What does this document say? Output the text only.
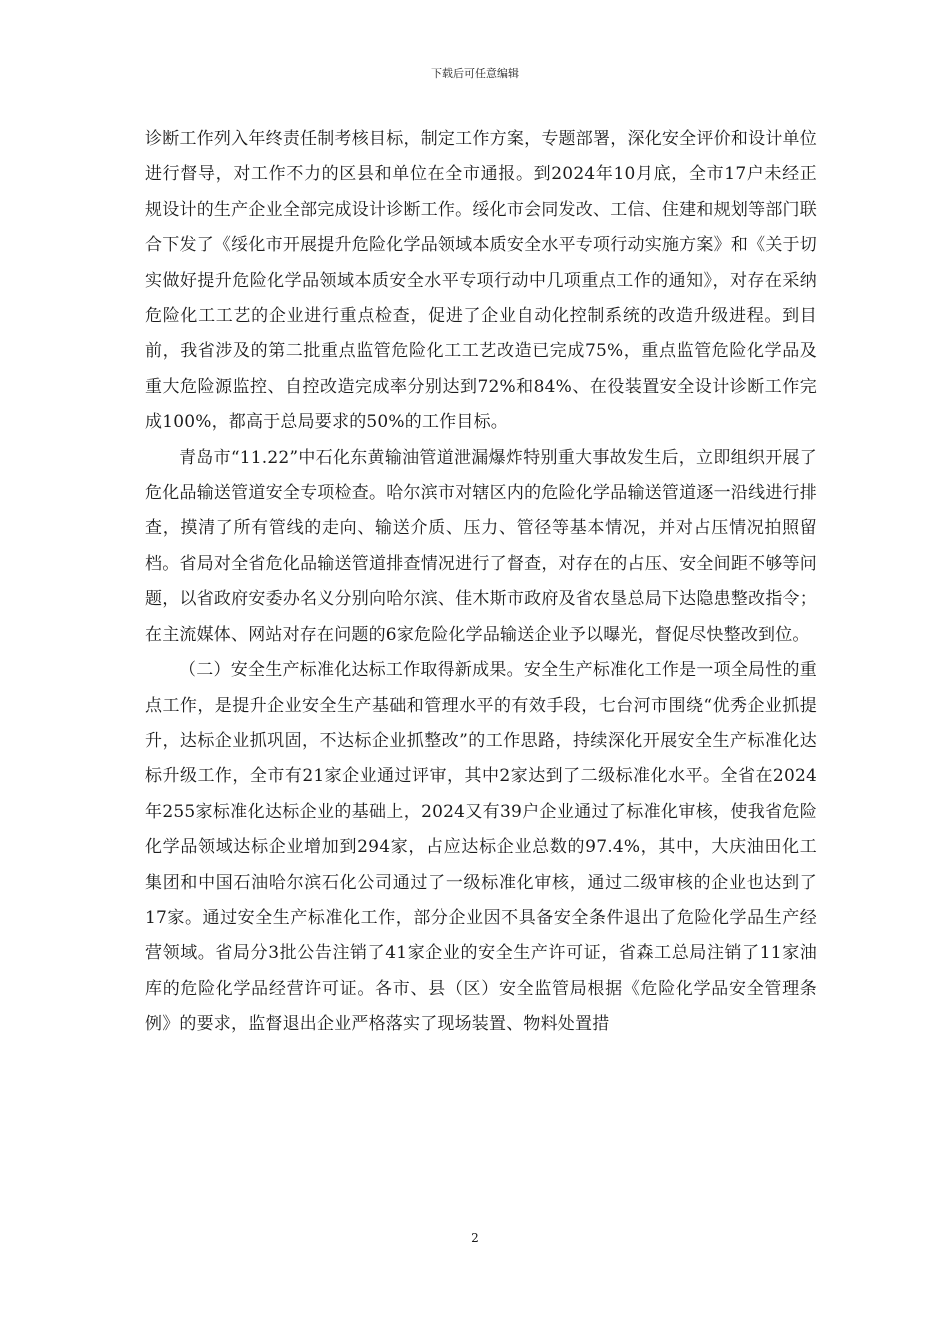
下载后可任意编辑

诊断工作列入年终责任制考核目标，制定工作方案，专题部署，深化安全评价和设计单位进行督导，对工作不力的区县和单位在全市通报。到2024年10月底，全市17户未经正规设计的生产企业全部完成设计诊断工作。绥化市会同发改、工信、住建和规划等部门联合下发了《绥化市开展提升危险化学品领域本质安全水平专项行动实施方案》和《关于切实做好提升危险化学品领域本质安全水平专项行动中几项重点工作的通知》，对存在采纳危险化工工艺的企业进行重点检查，促进了企业自动化控制系统的改造升级进程。到目前，我省涉及的第二批重点监管危险化工工艺改造已完成75%，重点监管危险化学品及重大危险源监控、自控改造完成率分别达到72%和84%、在役装置安全设计诊断工作完成100%，都高于总局要求的50%的工作目标。

青岛市“11.22”中石化东黄输油管道泄漏爆炸特别重大事故发生后，立即组织开展了危化品输送管道安全专项检查。哈尔滨市对辖区内的危险化学品输送管道逐一沿线进行排查，摸清了所有管线的走向、输送介质、压力、管径等基本情况，并对占压情况拍照留档。省局对全省危化品输送管道排查情况进行了督查，对存在的占压、安全间距不够等问题，以省政府安委办名义分别向哈尔滨、佳木斯市政府及省农垦总局下达隐患整改指令；在主流媒体、网站对存在问题的6家危险化学品输送企业予以曝光，督促尽快整改到位。

（二）安全生产标准化达标工作取得新成果。安全生产标准化工作是一项全局性的重点工作，是提升企业安全生产基础和管理水平的有效手段，七台河市围绕“优秀企业抓提升，达标企业抓巩固，不达标企业抓整改”的工作思路，持续深化开展安全生产标准化达标升级工作，全市有21家企业通过评审，其中2家达到了二级标准化水平。全省在2024年255家标准化达标企业的基础上，2024又有39户企业通过了标准化审核，使我省危险化学品领域达标企业增加到294家，占应达标企业总数的97.4%，其中，大庆油田化工集团和中国石油哈尔滨石化公司通过了一级标准化审核，通过二级审核的企业也达到了17家。通过安全生产标准化工作，部分企业因不具备安全条件退出了危险化学品生产经营领域。省局分3批公告注销了41家企业的安全生产许可证，省森工总局注销了11家油库的危险化学品经营许可证。各市、县（区）安全监管局根据《危险化学品安全管理条例》的要求，监督退出企业严格落实了现场装置、物料处置措

2
